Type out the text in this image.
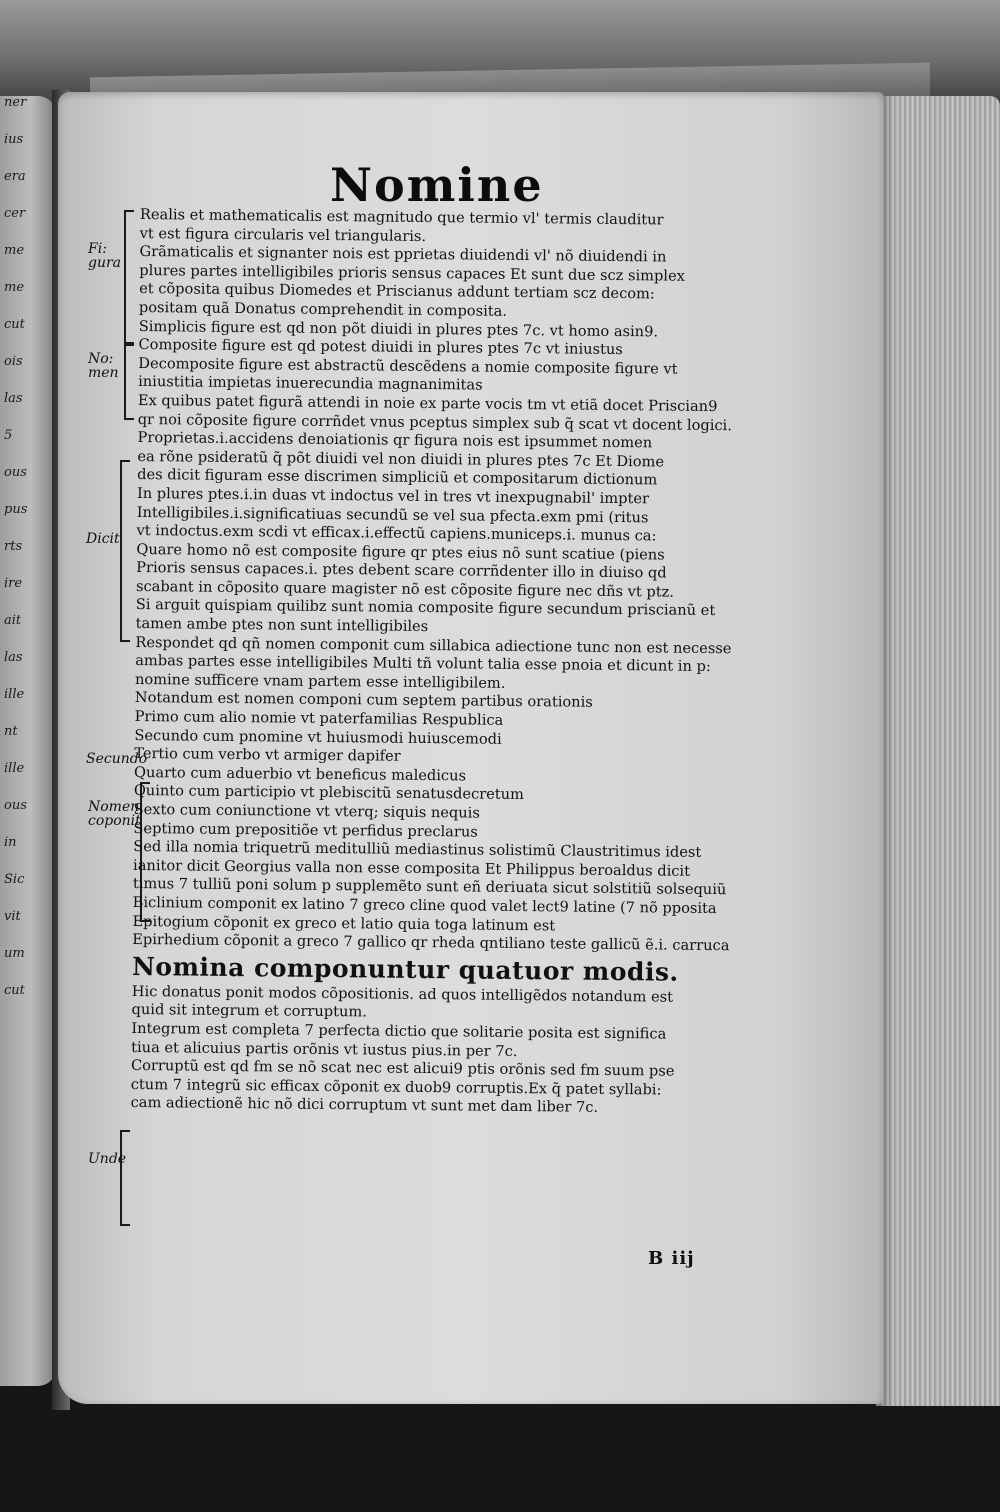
ner
ius
era
cer
me
me
cut
ois
las
5
ous
pus
rts
ire
ait
las
ille
nt
ille
ous
in
Sic
vit
um
cut
Nomine
Fi:
gura
No:
men
Dicit
Secundo
Nomen
coponit
Unde
Realis et mathematicalis est magnitudo que termio vl' termis clauditur
vt est figura circularis vel triangularis.
Grãmaticalis et signanter nois est pprietas diuidendi vl' nõ diuidendi in
plures partes intelligibiles prioris sensus capaces Et sunt due scz simplex
et cõposita quibus Diomedes et Priscianus addunt tertiam scz decom:
positam quã Donatus comprehendit in composita.
Simplicis figure est qd non põt diuidi in plures ptes 7c. vt homo asin9.
Composite figure est qd potest diuidi in plures ptes 7c vt iniustus
Decomposite figure est abstractũ descẽdens a nomie composite figure vt
iniustitia impietas inuerecundia magnanimitas
Ex quibus patet figurã attendi in noie ex parte vocis tm vt etiã docet Priscian9
qr noi cõposite figure corrñdet vnus pceptus simplex sub q̃ scat vt docent logici.
Proprietas.i.accidens denoiationis qr figura nois est ipsummet nomen
ea rõne psideratũ q̃ põt diuidi vel non diuidi in plures ptes 7c Et Diome
des dicit figuram esse discrimen simpliciũ et compositarum dictionum
In plures ptes.i.in duas vt indoctus vel in tres vt inexpugnabil' impter
Intelligibiles.i.significatiuas secundũ se vel sua pfecta.exm pmi (ritus
vt indoctus.exm scdi vt efficax.i.effectũ capiens.municeps.i. munus ca:
Quare homo nõ est composite figure qr ptes eius nõ sunt scatiue (piens
Prioris sensus capaces.i. ptes debent scare corrñdenter illo in diuiso qd
scabant in cõposito quare magister nõ est cõposite figure nec dñs vt ptz.
Si arguit quispiam quilibz sunt nomia composite figure secundum priscianũ et
tamen ambe ptes non sunt intelligibiles
Respondet qd qñ nomen componit cum sillabica adiectione tunc non est necesse
ambas partes esse intelligibiles Multi tñ volunt talia esse pnoia et dicunt in p:
nomine sufficere vnam partem esse intelligibilem.
Notandum est nomen componi cum septem partibus orationis
Primo cum alio nomie vt paterfamilias Respublica
Secundo cum pnomine vt huiusmodi huiuscemodi
Tertio cum verbo vt armiger dapifer
Quarto cum aduerbio vt beneficus maledicus
Quinto cum participio vt plebiscitũ senatusdecretum
Sexto cum coniunctione vt vterq; siquis nequis
Septimo cum prepositiõe vt perfidus preclarus
Sed illa nomia triquetrũ meditulliũ mediastinus solistimũ Claustritimus idest
ianitor dicit Georgius valla non esse composita Et Philippus beroaldus dicit
timus 7 tulliũ poni solum p supplemẽto sunt eñ deriuata sicut solstitiũ solsequiũ
Biclinium componit ex latino 7 greco cline quod valet lect9 latine (7 nõ pposita
Epitogium cõponit ex greco et latio quia toga latinum est
Epirhedium cõponit a greco 7 gallico qr rheda qntiliano teste gallicũ ẽ.i. carruca
Nomina componuntur quatuor modis.
Hic donatus ponit modos cõpositionis. ad quos intelligẽdos notandum est
quid sit integrum et corruptum.
Integrum est completa 7 perfecta dictio que solitarie posita est significa
tiua et alicuius partis orõnis vt iustus pius.in per 7c.
Corruptũ est qd fm se nõ scat nec est alicui9 ptis orõnis sed fm suum pse
ctum 7 integrũ sic efficax cõponit ex duob9 corruptis.Ex q̃ patet syllabi:
cam adiectionẽ hic nõ dici corruptum vt sunt met dam liber 7c.
B iij
